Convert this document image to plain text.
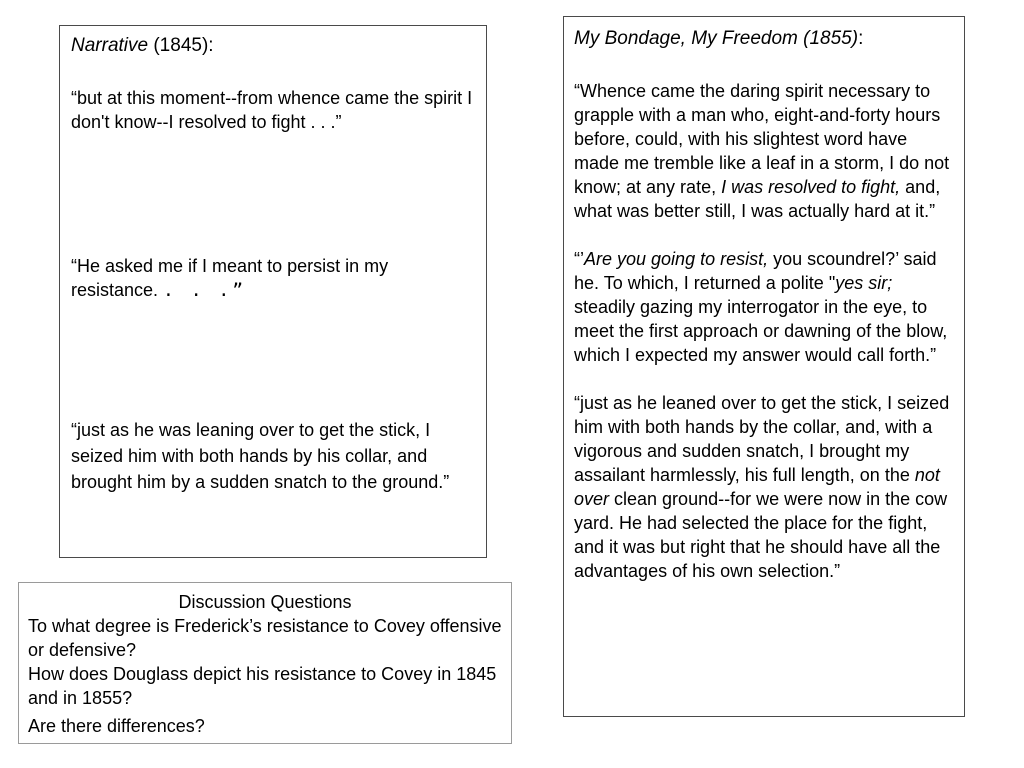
Narrative (1845):

“but at this moment--from whence came the spirit I don't know--I resolved to fight . . .”

“He asked me if I meant to persist in my resistance. . . .”

“just as he was leaning over to get the stick, I seized him with both hands by his collar, and brought him by a sudden snatch to the ground.”

My Bondage, My Freedom (1855):

“Whence came the daring spirit necessary to grapple with a man who, eight-and-forty hours before, could, with his slightest word have made me tremble like a leaf in a storm, I do not know; at any rate, I was resolved to fight, and, what was better still, I was actually hard at it.”

“’Are you going to resist, you scoundrel?’ said he. To which, I returned a polite "yes sir; steadily gazing my interrogator in the eye, to meet the first approach or dawning of the blow, which I expected my answer would call forth.”

“just as he leaned over to get the stick, I seized him with both hands by the collar, and, with a vigorous and sudden snatch, I brought my assailant harmlessly, his full length, on the not over clean ground--for we were now in the cow yard. He had selected the place for the fight, and it was but right that he should have all the advantages of his own selection.”

Discussion Questions

To what degree is Frederick’s resistance to Covey offensive or defensive?

How does Douglass depict his resistance to Covey in 1845 and in 1855?

Are there differences?
